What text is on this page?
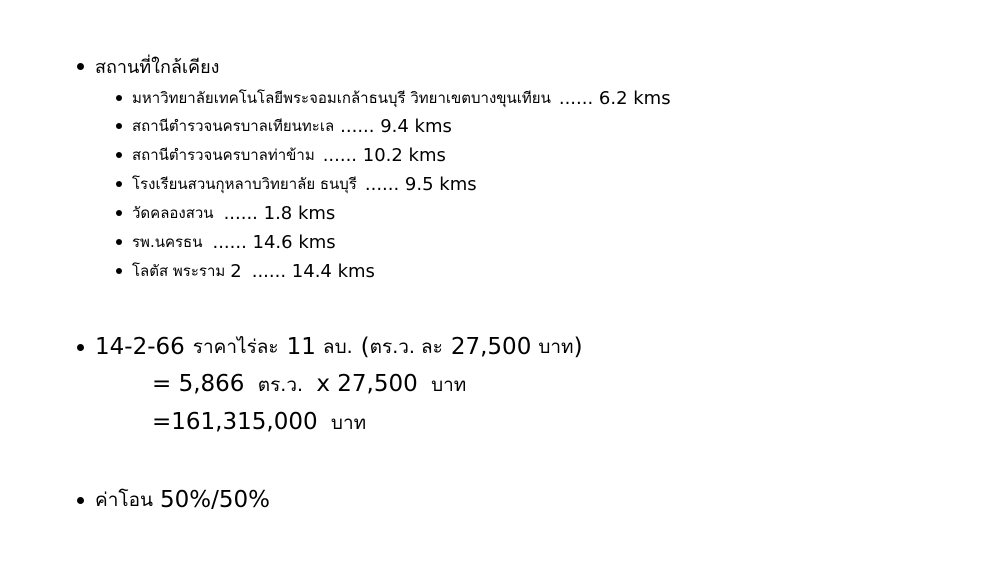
สถานที่ใกล้เคียง
มหาวิทยาลัยเทคโนโลยีพระจอมเกล้าธนบุรี วิทยาเขตบางขุนเทียน ...... 6.2 kms
สถานีตำรวจนครบาลเทียนทะเล ...... 9.4 kms
สถานีตำรวจนครบาลท่าข้าม ...... 10.2 kms
โรงเรียนสวนกุหลาบวิทยาลัย ธนบุรี ...... 9.5 kms
วัดคลองสวน ...... 1.8 kms
รพ.นครธน ...... 14.6 kms
โลตัส พระราม 2 ...... 14.4 kms
14-2-66 ราคาไร่ละ 11 ลบ. ( ตร.ว. ละ 27,500 บาท )
= 5,866 ตร.ว. x 27,500 บาท
=161,315,000 บาท
ค่าโอน 50%/50%
